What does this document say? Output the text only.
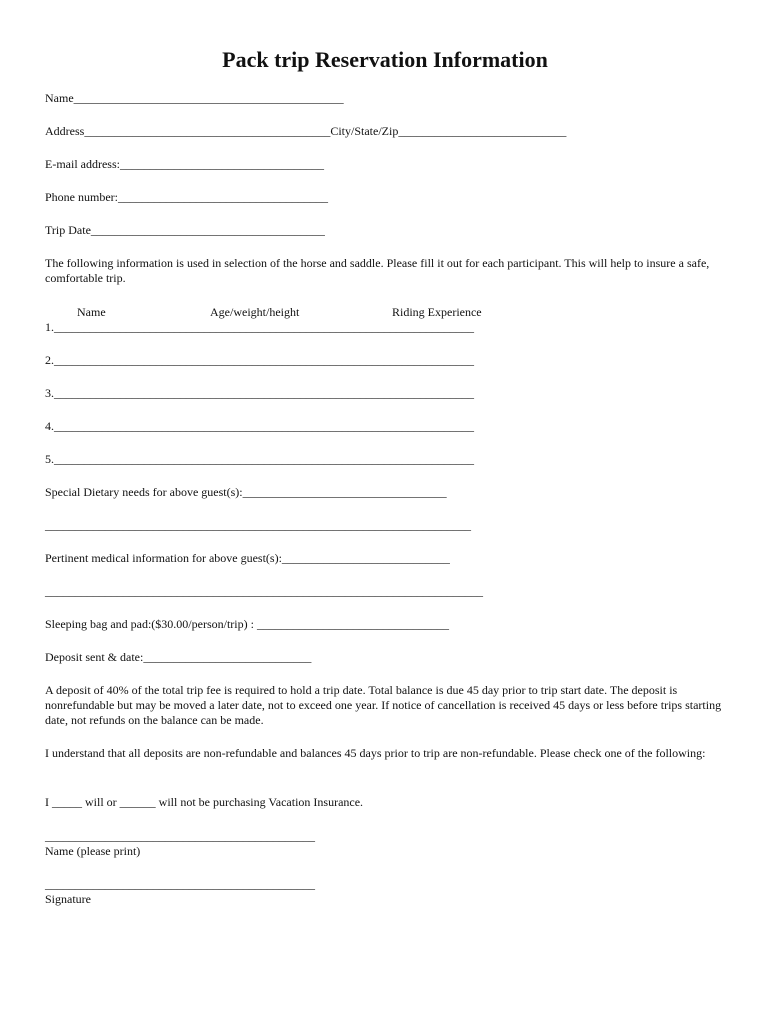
Pack trip Reservation Information
Name_____________________________________________
Address_________________________________________City/State/Zip____________________________
E-mail address:__________________________________
Phone number:___________________________________
Trip Date_______________________________________

The following information is used in selection of the horse and saddle. Please fill it out for each participant. This will help to insure a safe, comfortable trip.

Name	Age/weight/height	Riding Experience
1.______________________________________________________________________
2.______________________________________________________________________
3.______________________________________________________________________
4.______________________________________________________________________
5.______________________________________________________________________
Special Dietary needs for above guest(s):__________________________________
_______________________________________________________________________
Pertinent medical information for above guest(s):____________________________
_________________________________________________________________________
Sleeping bag and pad:($30.00/person/trip) : ________________________________
Deposit sent & date:____________________________

A deposit of 40% of the total trip fee is required to hold a trip date. Total balance is due 45 day prior to trip start date. The deposit is nonrefundable but may be moved a later date, not to exceed one year. If notice of cancellation is received 45 days or less before trips starting date, not refunds on the balance can be made.

I understand that all deposits are non-refundable and balances 45 days prior to trip are non-refundable. Please check one of the following:

I _____ will or ______ will not be purchasing Vacation Insurance.
_____________________________________________
Name (please print)
_____________________________________________
Signature
